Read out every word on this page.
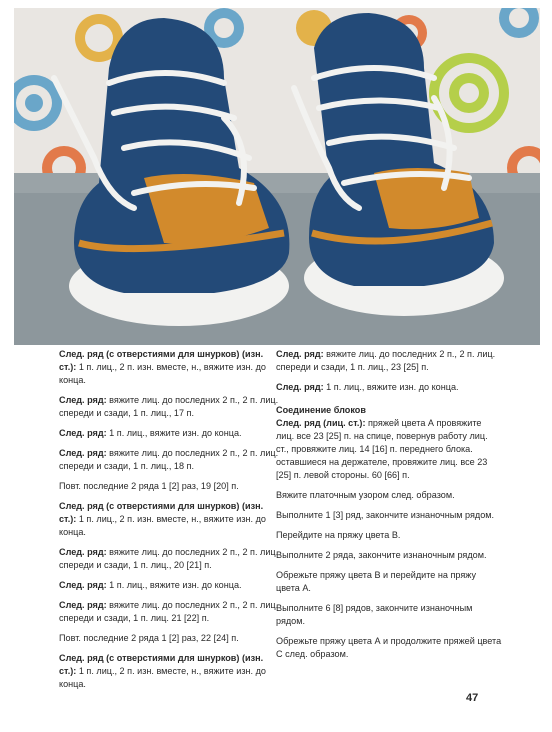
След. ряд (с отверстиями для шнурков) (изн. ст.): 1 п. лиц., 2 п. изн. вместе, н., вяжите изн. до конца.
След. ряд: вяжите лиц. до последних 2 п., 2 п. лиц. спереди и сзади, 1 п. лиц., 17 п.
След. ряд: 1 п. лиц., вяжите изн. до конца.
След. ряд: вяжите лиц. до последних 2 п., 2 п. лиц. спереди и сзади, 1 п. лиц., 18 п.
Повт. последние 2 ряда 1 [2] раз, 19 [20] п.
След. ряд (с отверстиями для шнурков) (изн. ст.): 1 п. лиц., 2 п. изн. вместе, н., вяжите изн. до конца.
След. ряд: вяжите лиц. до последних 2 п., 2 п. лиц. спереди и сзади, 1 п. лиц., 20 [21] п.
След. ряд: 1 п. лиц., вяжите изн. до конца.
След. ряд: вяжите лиц. до последних 2 п., 2 п. лиц. спереди и сзади, 1 п. лиц. 21 [22] п.
Повт. последние 2 ряда 1 [2] раз, 22 [24] п.
След. ряд (с отверстиями для шнурков) (изн. ст.): 1 п. лиц., 2 п. изн. вместе, н., вяжите изн. до конца.
След. ряд: вяжите лиц. до последних 2 п., 2 п. лиц. спереди и сзади, 1 п. лиц., 23 [25] п.
След. ряд: 1 п. лиц., вяжите изн. до конца.
Соединение блоков
След. ряд (лиц. ст.): пряжей цвета А провяжите лиц. все 23 [25] п. на спице, повернув работу лиц. ст., провяжите лиц. 14 [16] п. переднего блока. оставшиеся на держателе, провяжите лиц. все 23 [25] п. левой стороны. 60 [66] п.
Вяжите платочным узором след. образом.
Выполните 1 [3] ряд, закончите изнаночным рядом.
Перейдите на пряжу цвета В.
Выполните 2 ряда, закончите изнаночным рядом.
Обрежьте пряжу цвета В и перейдите на пряжу цвета А.
Выполните 6 [8] рядов, закончите изнаночным рядом.
Обрежьте пряжу цвета А и продолжите пряжей цвета С след. образом.
47
